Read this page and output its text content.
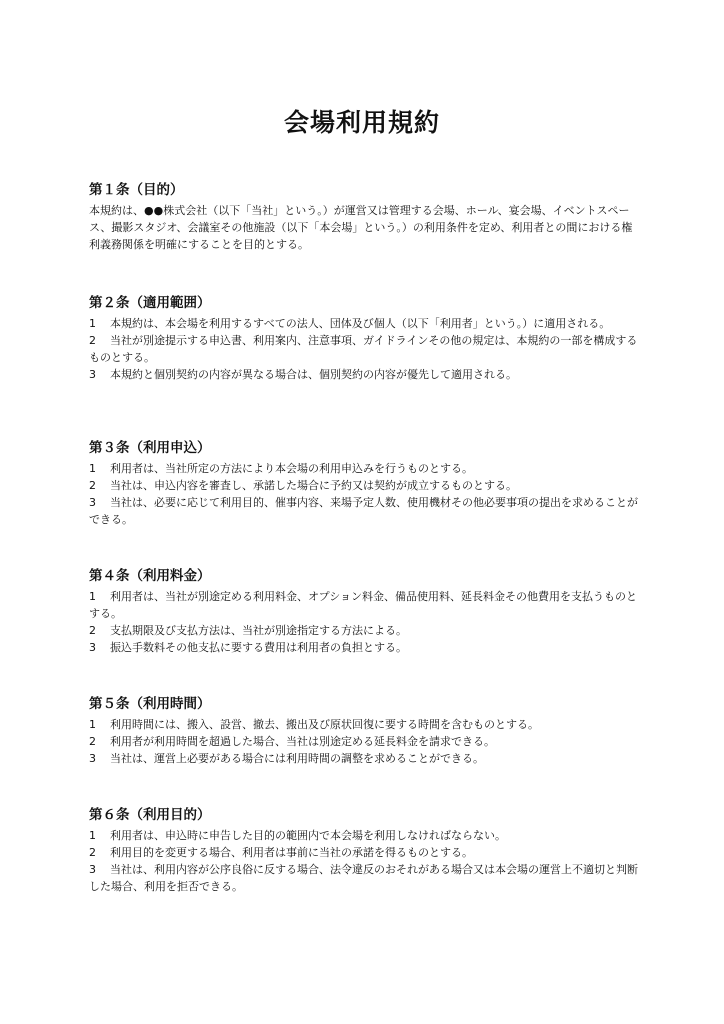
会場利用規約
第１条（目的）

本規約は、●●株式会社（以下「当社」という。）が運営又は管理する会場、ホール、宴会場、イベントスペース、撮影スタジオ、会議室その他施設（以下「本会場」という。）の利用条件を定め、利用者との間における権利義務関係を明確にすることを目的とする。

第２条（適用範囲）

1 本規約は、本会場を利用するすべての法人、団体及び個人（以下「利用者」という。）に適用される。

2 当社が別途提示する申込書、利用案内、注意事項、ガイドラインその他の規定は、本規約の一部を構成するものとする。

3 本規約と個別契約の内容が異なる場合は、個別契約の内容が優先して適用される。

第３条（利用申込）

1 利用者は、当社所定の方法により本会場の利用申込みを行うものとする。

2 当社は、申込内容を審査し、承諾した場合に予約又は契約が成立するものとする。

3 当社は、必要に応じて利用目的、催事内容、来場予定人数、使用機材その他必要事項の提出を求めることができる。

第４条（利用料金）

1 利用者は、当社が別途定める利用料金、オプション料金、備品使用料、延長料金その他費用を支払うものとする。

2 支払期限及び支払方法は、当社が別途指定する方法による。

3 振込手数料その他支払に要する費用は利用者の負担とする。

第５条（利用時間）

1 利用時間には、搬入、設営、撤去、搬出及び原状回復に要する時間を含むものとする。

2 利用者が利用時間を超過した場合、当社は別途定める延長料金を請求できる。

3 当社は、運営上必要がある場合には利用時間の調整を求めることができる。

第６条（利用目的）

1 利用者は、申込時に申告した目的の範囲内で本会場を利用しなければならない。

2 利用目的を変更する場合、利用者は事前に当社の承諾を得るものとする。

3 当社は、利用内容が公序良俗に反する場合、法令違反のおそれがある場合又は本会場の運営上不適切と判断した場合、利用を拒否できる。
